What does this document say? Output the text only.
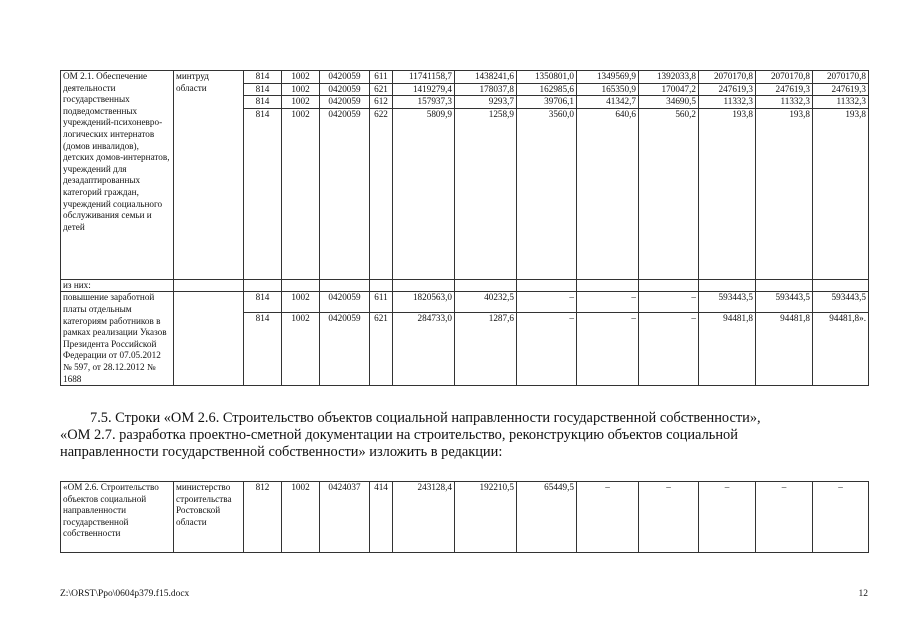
ОМ 2.1. Обеспечение деятельности государственных подведомственных учреждений-психоневро-логических интернатов (домов инвалидов), детских домов-интернатов, учреждений для дезадаптированных категорий граждан, учреждений социального обслуживания семьи и детей	минтруд области	814	1002	0420059	611	11741158,7	1438241,6	1350801,0	1349569,9	1392033,8	2070170,8	2070170,8	2070170,8
		814	1002	0420059	621	1419279,4	178037,8	162985,6	165350,9	170047,2	247619,3	247619,3	247619,3
		814	1002	0420059	612	157937,3	9293,7	39706,1	41342,7	34690,5	11332,3	11332,3	11332,3
		814	1002	0420059	622	5809,9	1258,9	3560,0	640,6	560,2	193,8	193,8	193,8
из них:													
повышение заработной платы отдельным категориям работников в рамках реализации Указов Президента Российской Федерации от 07.05.2012 № 597, от 28.12.2012 № 1688		814	1002	0420059	611	1820563,0	40232,5	–	–	–	593443,5	593443,5	593443,5
		814	1002	0420059	621	284733,0	1287,6	–	–	–	94481,8	94481,8	94481,8».
7.5. Строки «ОМ 2.6. Строительство объектов социальной направленности государственной собственности»,
«ОМ 2.7. разработка проектно-сметной документации на строительство, реконструкцию объектов социальной
направленности государственной собственности» изложить в редакции:
«ОМ 2.6. Строительство объектов социальной направленности государственной собственности	министерство строительства Ростовской области	812	1002	0424037	414	243128,4	192210,5	65449,5	–	–	–	–	–
Z:\ORST\Ppo\0604p379.f15.docx	12
